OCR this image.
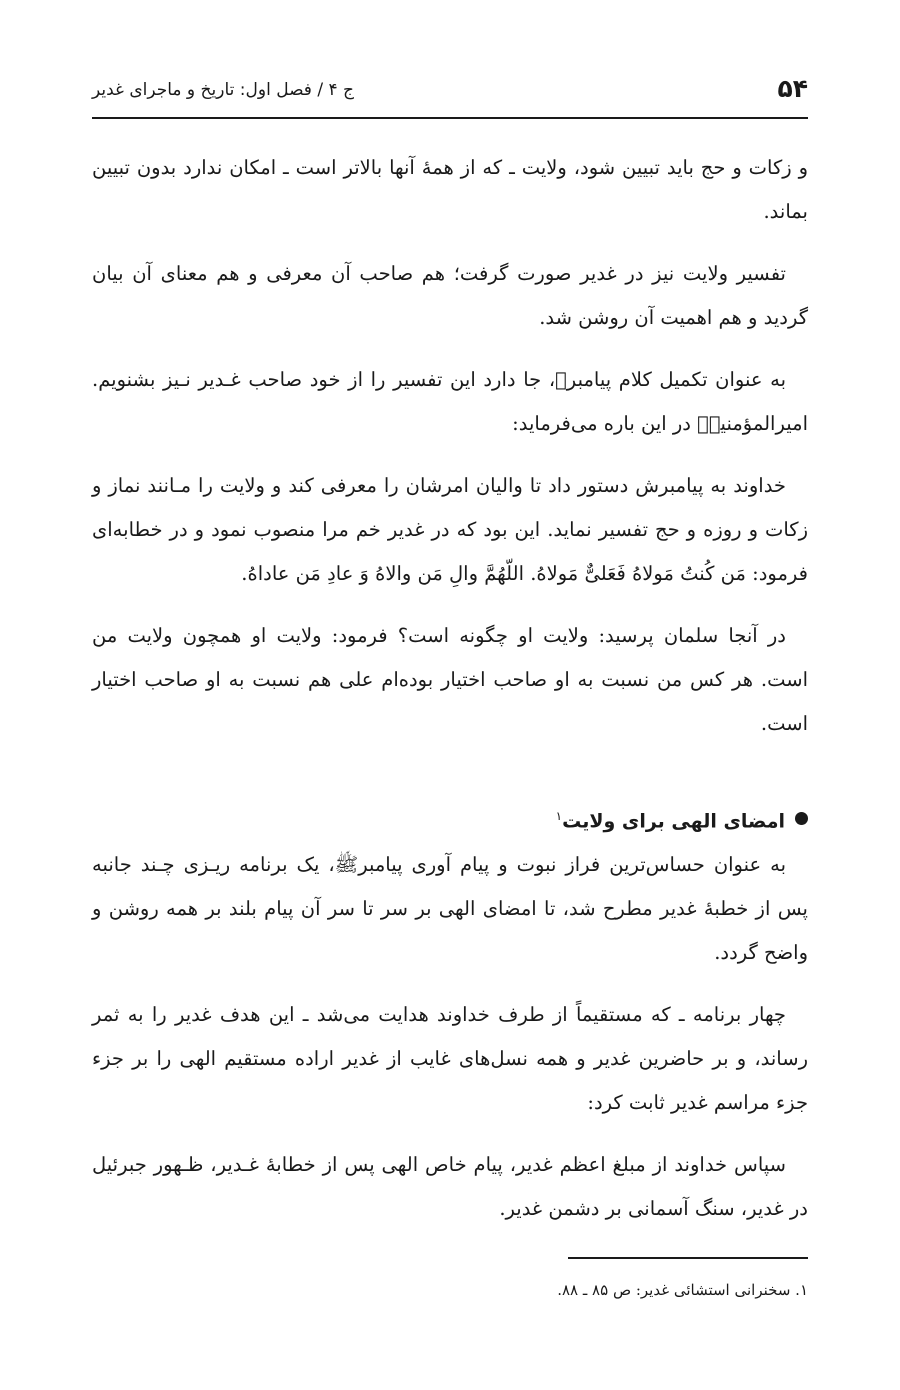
۵۴
ج ۴ / فصل اول: تاریخ و ماجرای غدیر

و زکات و حج باید تبیین شود، ولایت ـ که از همهٔ آنها بالاتر است ـ امکان ندارد بدون تبیین بماند.

تفسیر ولایت نیز در غدیر صورت گرفت؛ هم صاحب آن معرفی و هم معنای آن بیان گردید و هم اهمیت آن روشن شد.

به عنوان تکمیل کلام پیامبرﷺ، جا دارد این تفسیر را از خود صاحب غـدیر نـیز بشنویم. امیرالمؤمنینؑ در این باره می‌فرماید:

خداوند به پیامبرش دستور داد تا والیان امرشان را معرفی کند و ولایت را مـانند نماز و زکات و روزه و حج تفسیر نماید. این بود که در غدیر خم مرا منصوب نمود و در خطابه‌ای فرمود: مَن کُنتُ مَولاهُ فَعَلیٌّ مَولاهُ. اللّهُمَّ والِ مَن والاهُ وَ عادِ مَن عاداهُ.

در آنجا سلمان پرسید: ولایت او چگونه است؟ فرمود: ولایت او همچون ولایت من است. هر کس من نسبت به او صاحب اختیار بوده‌ام علی هم نسبت به او صاحب اختیار است.

امضای الهی برای ولایت$^۱$

به عنوان حساس‌ترین فراز نبوت و پیام آوری پیامبرﷺ، یک برنامه ریـزی چـند جانبه پس از خطبهٔ غدیر مطرح شد، تا امضای الهی بر سر تا سر آن پیام بلند بر همه روشن و واضح گردد.

چهار برنامه ـ که مستقیماً از طرف خداوند هدایت می‌شد ـ این هدف غدیر را به ثمر رساند، و بر حاضرین غدیر و همه نسل‌های غایب از غدیر اراده مستقیم الهی را بر جزء جزء مراسم غدیر ثابت کرد:

سپاس خداوند از مبلغ اعظم غدیر، پیام خاص الهی پس از خطابهٔ غـدیر، ظـهور جبرئیل در غدیر، سنگ آسمانی بر دشمن غدیر.

۱. سخنرانی استشائی غدیر: ص ۸۵ ـ ۸۸.
